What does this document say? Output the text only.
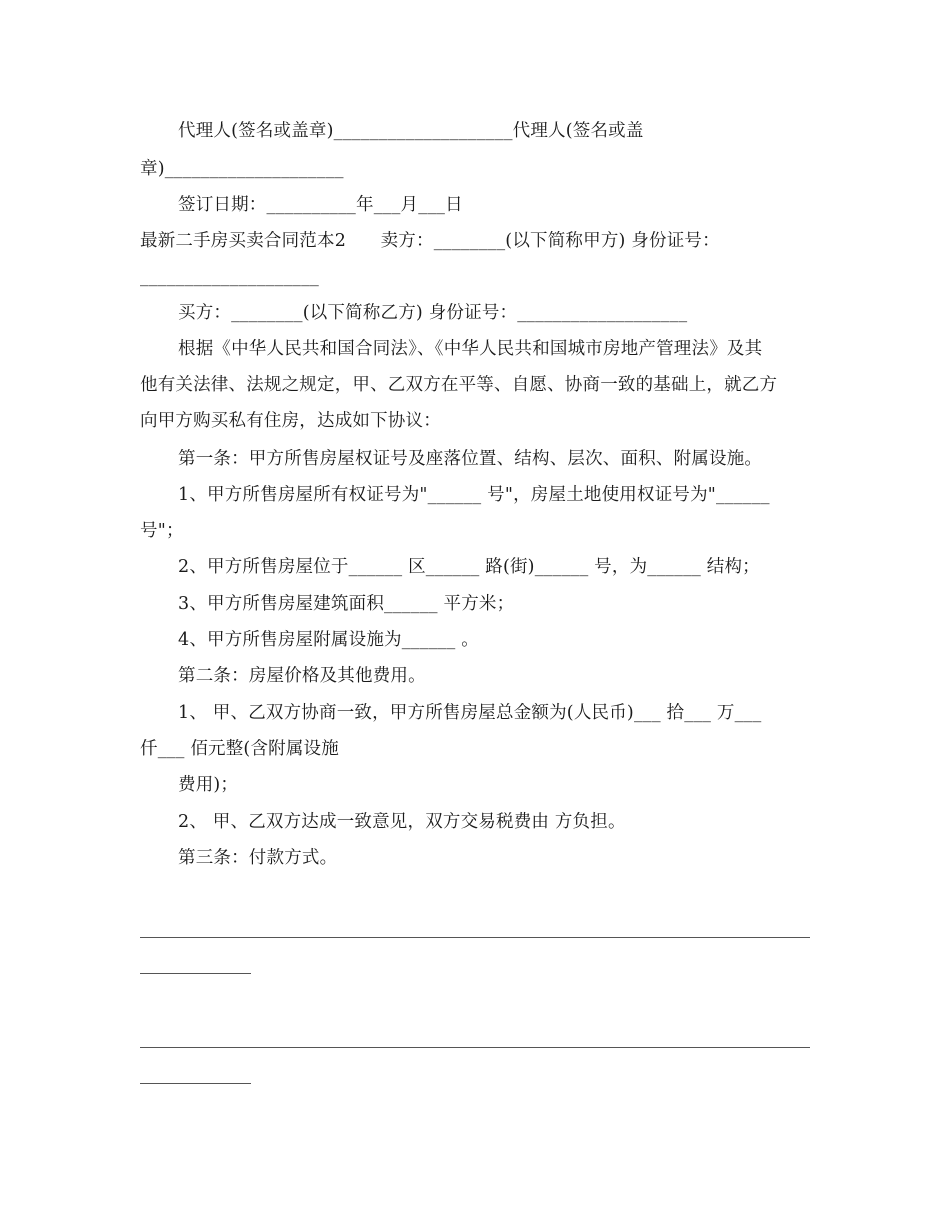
代理人(签名或盖章)____________________代理人(签名或盖
章)____________________
签订日期：__________年___月___日
最新二手房买卖合同范本2      卖方：________(以下简称甲方) 身份证号：
____________________
买方：________(以下简称乙方) 身份证号：___________________
根据《中华人民共和国合同法》、《中华人民共和国城市房地产管理法》及其
他有关法律、法规之规定，甲、乙双方在平等、自愿、协商一致的基础上，就乙方
向甲方购买私有住房，达成如下协议：
第一条：甲方所售房屋权证号及座落位置、结构、层次、面积、附属设施。
1、甲方所售房屋所有权证号为"______ 号"，房屋土地使用权证号为"______
号"；
2、甲方所售房屋位于______ 区______ 路(街)______ 号，为______ 结构；
3、甲方所售房屋建筑面积______ 平方米；
4、甲方所售房屋附属设施为______ 。
第二条：房屋价格及其他费用。
1、 甲、乙双方协商一致，甲方所售房屋总金额为(人民币)___ 拾___ 万___
仟___ 佰元整(含附属设施
费用)；
2、 甲、乙双方达成一致意见，双方交易税费由 方负担。
第三条：付款方式。
